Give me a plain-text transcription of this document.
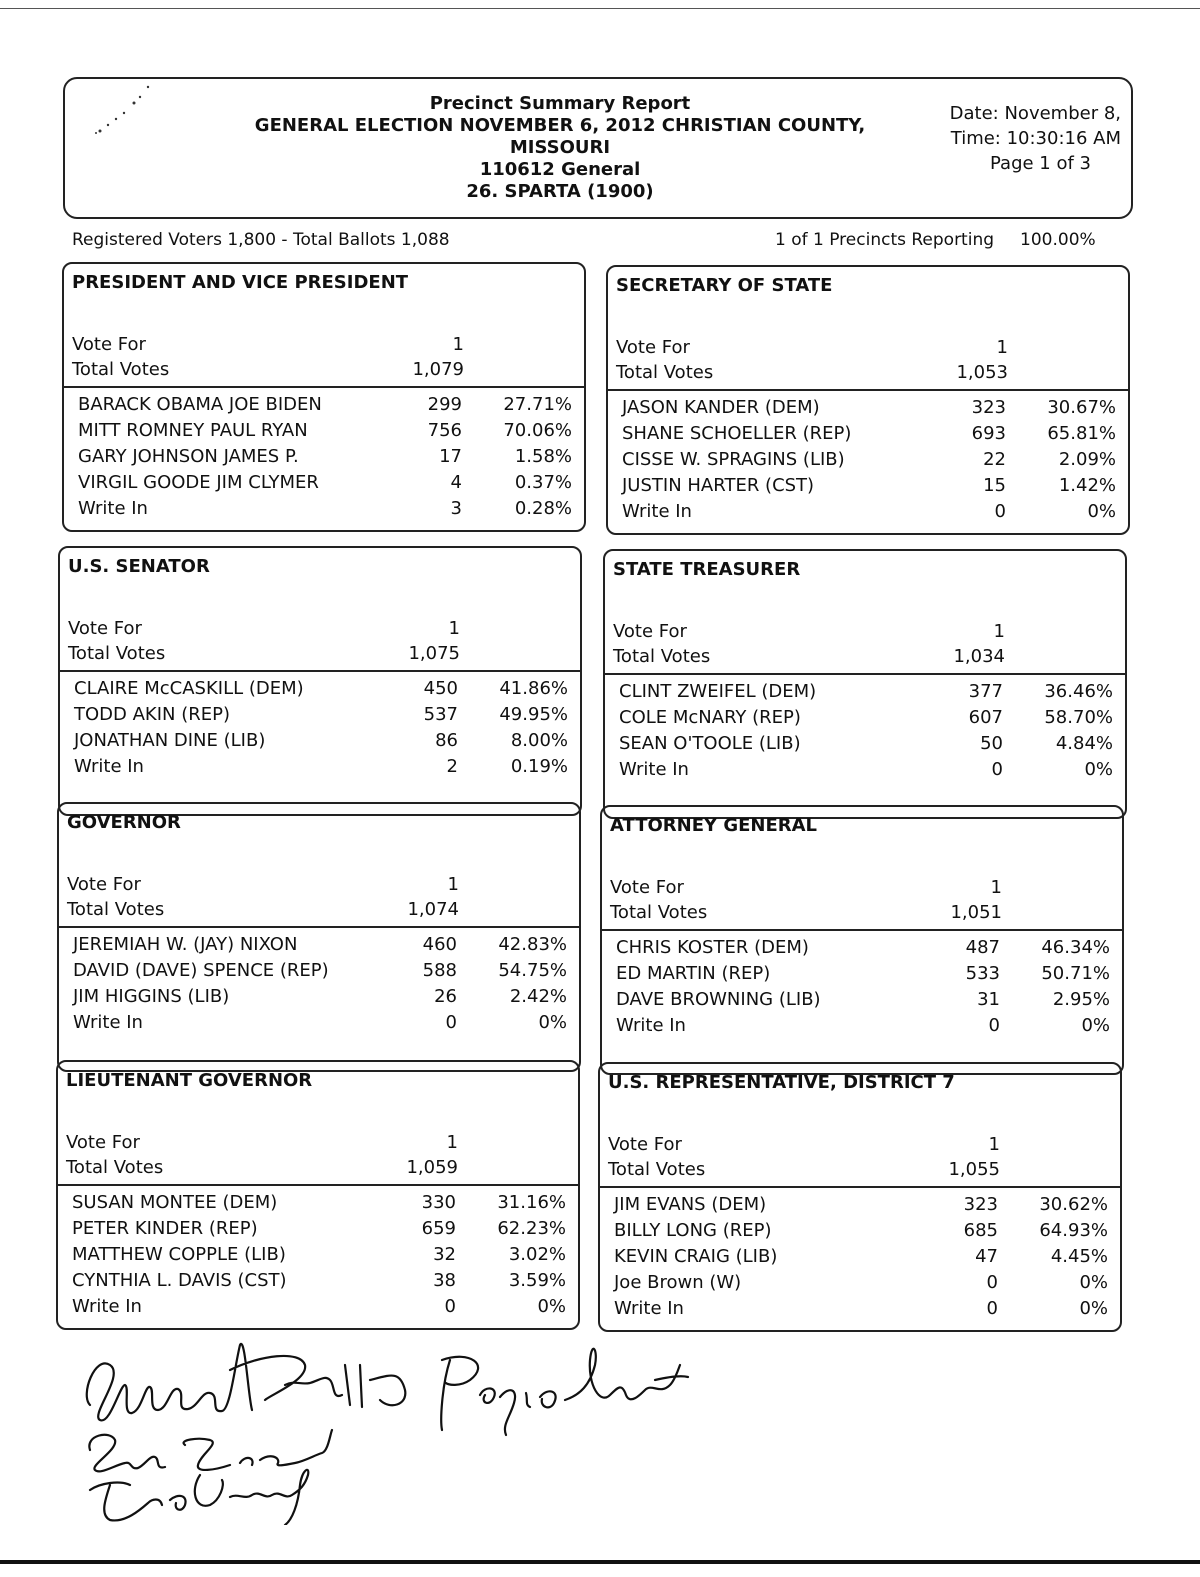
Precinct Summary Report
GENERAL ELECTION NOVEMBER 6, 2012 CHRISTIAN COUNTY,
MISSOURI
110612 General
26. SPARTA (1900)
Date: November 8,
Time: 10:30:16 AM
Page 1 of 3
Registered Voters 1,800 - Total Ballots 1,088	1 of 1 Precincts Reporting 100.00%
PRESIDENT AND VICE PRESIDENT
Vote For	1
Total Votes	1,079
BARACK OBAMA JOE BIDEN	299 27.71%
MITT ROMNEY PAUL RYAN	756 70.06%
GARY JOHNSON JAMES P.	17	1.58%
VIRGIL GOODE JIM CLYMER	4	0.37%
Write In	3	0.28%
SECRETARY OF STATE
Vote For	1
Total Votes	1,053
JASON KANDER (DEM)	323 30.67%
SHANE SCHOELLER (REP)	693 65.81%
CISSE W. SPRAGINS (LIB)	22	2.09%
JUSTIN HARTER (CST)	15	1.42%
Write In	0	0%
U.S. SENATOR
Vote For	1
Total Votes	1,075
CLAIRE McCASKILL (DEM)	450 41.86%
TODD AKIN (REP)	537 49.95%
JONATHAN DINE (LIB)	86	8.00%
Write In	2	0.19%
STATE TREASURER
Vote For	1
Total Votes	1,034
CLINT ZWEIFEL (DEM)	377 36.46%
COLE McNARY (REP)	607 58.70%
SEAN O'TOOLE (LIB)	50	4.84%
Write In	0	0%
GOVERNOR
Vote For	1
Total Votes	1,074
JEREMIAH W. (JAY) NIXON	460 42.83%
DAVID (DAVE) SPENCE (REP)	588 54.75%
JIM HIGGINS (LIB)	26	2.42%
Write In	0	0%
ATTORNEY GENERAL
Vote For	1
Total Votes	1,051
CHRIS KOSTER (DEM)	487 46.34%
ED MARTIN (REP)	533 50.71%
DAVE BROWNING (LIB)	31	2.95%
Write In	0	0%
LIEUTENANT GOVERNOR
Vote For	1
Total Votes	1,059
SUSAN MONTEE (DEM)	330 31.16%
PETER KINDER (REP)	659 62.23%
MATTHEW COPPLE (LIB)	32	3.02%
CYNTHIA L. DAVIS (CST)	38	3.59%
Write In	0	0%
U.S. REPRESENTATIVE, DISTRICT 7
Vote For	1
Total Votes	1,055
JIM EVANS (DEM)	323 30.62%
BILLY LONG (REP)	685 64.93%
KEVIN CRAIG (LIB)	47	4.45%
Joe Brown (W)	0	0%
Write In	0	0%
